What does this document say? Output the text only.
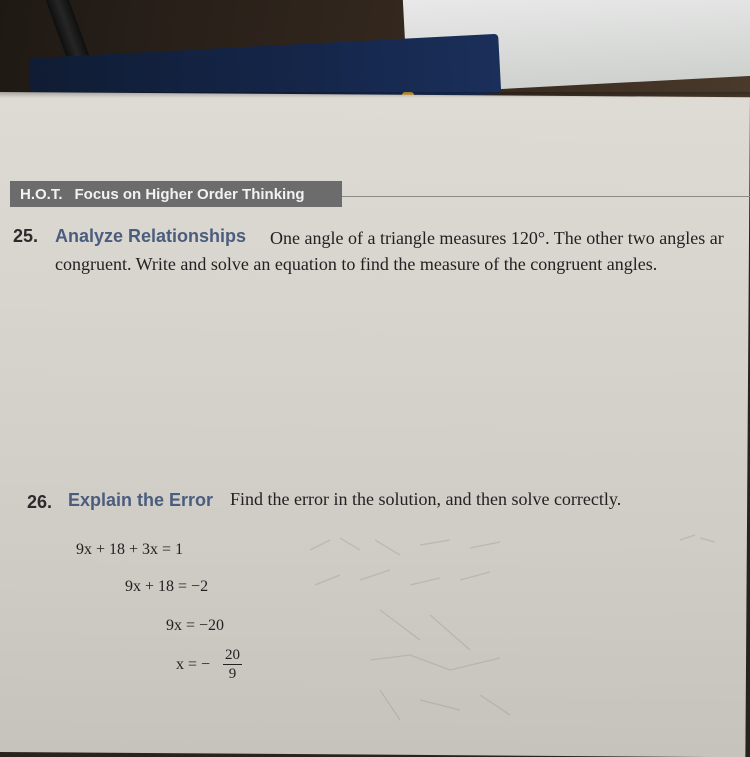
H.O.T. Focus on Higher Order Thinking
25. Analyze Relationships One angle of a triangle measures 120°. The other two angles ar
congruent. Write and solve an equation to find the measure of the congruent angles.
26. Explain the Error Find the error in the solution, and then solve correctly.
9x + 18 + 3x = 1
9x + 18 = −2
9x = −20
x = − $\frac{20}{9}$
